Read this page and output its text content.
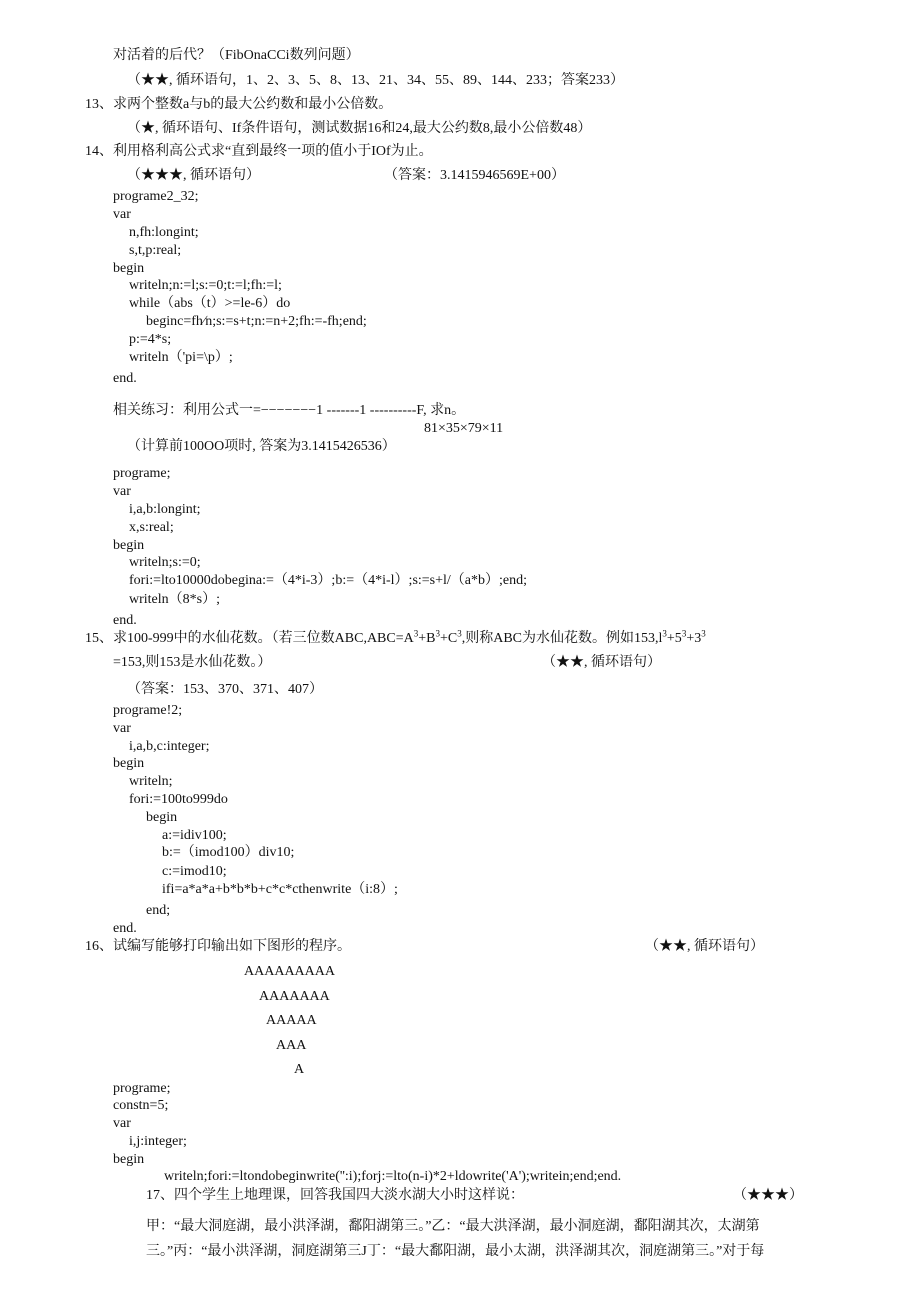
对活着的后代？（FibOnaCCi数列问题）
（★★, 循环语句，1、2、3、5、8、13、21、34、55、89、144、233；答案233）
13、求两个整数a与b的最大公约数和最小公倍数。
（★, 循环语句、If条件语句，测试数据16和24,最大公约数8,最小公倍数48）
14、利用格利高公式求“直到最终一项的值小于IOf为止。
（★★★, 循环语句）	（答案：3.1415946569E+00）
programe2_32;
var
n,fh:longint;
s,t,p:real;
begin
writeln;n:=l;s:=0;t:=l;fh:=l;
while（abs（t）>=le-6）do
beginc=fh∕n;s:=s+t;n:=n+2;fh:=-fh;end;
p:=4*s;
writeln（'pi=\p）;
end.
相关练习：利用公式一=−−−−−−−1 -------1 ----------F, 求n。
81×35×79×11
（计算前100OO项时, 答案为3.1415426536）
programe;
var
i,a,b:longint;
x,s:real;
begin
writeln;s:=0;
fori:=lto10000dobegina:=（4*i-3）;b:=（4*i-l）;s:=s+l/（a*b）;end;
writeln（8*s）;
end.
15、求100-999中的水仙花数。（若三位数$ABC,ABC=A^3+B^3+C^3$,则称ABC为水仙花数。例如$153,l^3+5^3+3^3$
=153,则153是水仙花数。）	（★★, 循环语句）
（答案：153、370、371、407）
programe!2;
var
i,a,b,c:integer;
begin
writeln;
fori:=100to999do
begin
a:=idiv100;
b:=（imod100）div10;
c:=imod10;
ifi=a*a*a+b*b*b+c*c*cthenwrite（i:8）;
end;
end.
16、试编写能够打印输出如下图形的程序。	（★★, 循环语句）
AAAAAAAAA
AAAAAAA
AAAAA
AAA
A
programe;
constn=5;
var
i,j:integer;
begin
writeln;fori:=ltondobeginwrite('':i);forj:=lto(n-i)*2+ldowrite('A');writein;end;end.
17、四个学生上地理课，回答我国四大淡水湖大小时这样说：	（★★★）
甲：“最大洞庭湖，最小洪泽湖，鄱阳湖第三。”乙：“最大洪泽湖，最小洞庭湖，鄱阳湖其次，太湖第
三。”丙：“最小洪泽湖，洞庭湖第三J丁：“最大鄱阳湖，最小太湖，洪泽湖其次，洞庭湖第三。”对于每
